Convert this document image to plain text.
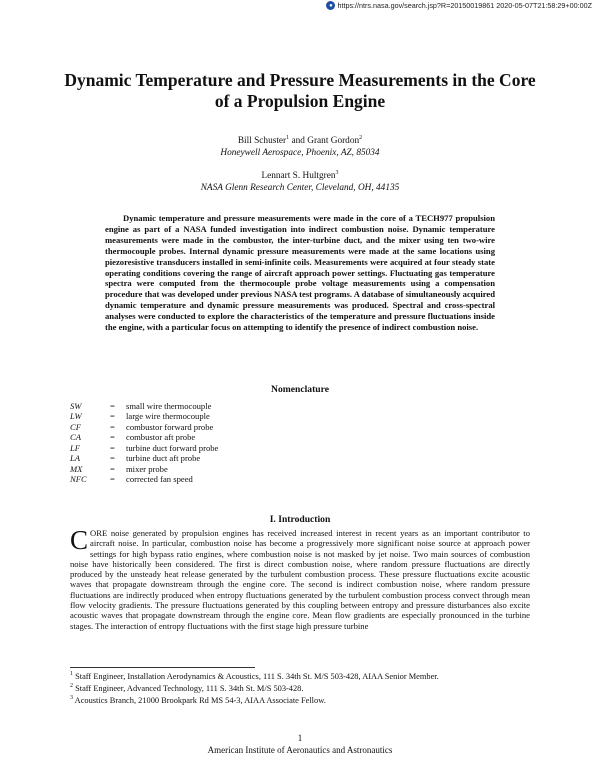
● https://ntrs.nasa.gov/search.jsp?R=20150019861 2020-05-07T21:58:29+00:00Z
Dynamic Temperature and Pressure Measurements in the Core of a Propulsion Engine
Bill Schuster$^1$ and Grant Gordon$^2$
Honeywell Aerospace, Phoenix, AZ, 85034
Lennart S. Hultgren$^3$
NASA Glenn Research Center, Cleveland, OH, 44135

Dynamic temperature and pressure measurements were made in the core of a TECH977 propulsion engine as part of a NASA funded investigation into indirect combustion noise. Dynamic temperature measurements were made in the combustor, the inter-turbine duct, and the mixer using ten two-wire thermocouple probes. Internal dynamic pressure measurements were made at the same locations using piezoresistive transducers installed in semi-infinite coils. Measurements were acquired at four steady state operating conditions covering the range of aircraft approach power settings. Fluctuating gas temperature spectra were computed from the thermocouple probe voltage measurements using a compensation procedure that was developed under previous NASA test programs. A database of simultaneously acquired dynamic temperature and dynamic pressure measurements was produced. Spectral and cross-spectral analyses were conducted to explore the characteristics of the temperature and pressure fluctuations inside the engine, with a particular focus on attempting to identify the presence of indirect combustion noise.

Nomenclature
SW	=	small wire thermocouple
LW	=	large wire thermocouple
CF	=	combustor forward probe
CA	=	combustor aft probe
LF	=	turbine duct forward probe
LA	=	turbine duct aft probe
MX	=	mixer probe
NFC	=	corrected fan speed
I. Introduction

CORE noise generated by propulsion engines has received increased interest in recent years as an important contributor to aircraft noise. In particular, combustion noise has become a progressively more significant noise source at approach power settings for high bypass ratio engines, where combustion noise is not masked by jet noise. Two main sources of combustion noise have historically been considered. The first is direct combustion noise, where random pressure fluctuations are directly produced by the unsteady heat release generated by the turbulent combustion process. These pressure fluctuations excite acoustic waves that propagate downstream through the engine core. The second is indirect combustion noise, where random pressure fluctuations are indirectly produced when entropy fluctuations generated by the turbulent combustion process convect through mean flow velocity gradients. The pressure fluctuations generated by this coupling between entropy and pressure disturbances also excite acoustic waves that propagate downstream through the engine core. Mean flow gradients are especially pronounced in the turbine stages. The interaction of entropy fluctuations with the first stage high pressure turbine

$^1$ Staff Engineer, Installation Aerodynamics & Acoustics, 111 S. 34th St. M/S 503-428, AIAA Senior Member.
$^2$ Staff Engineer, Advanced Technology, 111 S. 34th St. M/S 503-428.
$^3$ Acoustics Branch, 21000 Brookpark Rd MS 54-3, AIAA Associate Fellow.
1
American Institute of Aeronautics and Astronautics
